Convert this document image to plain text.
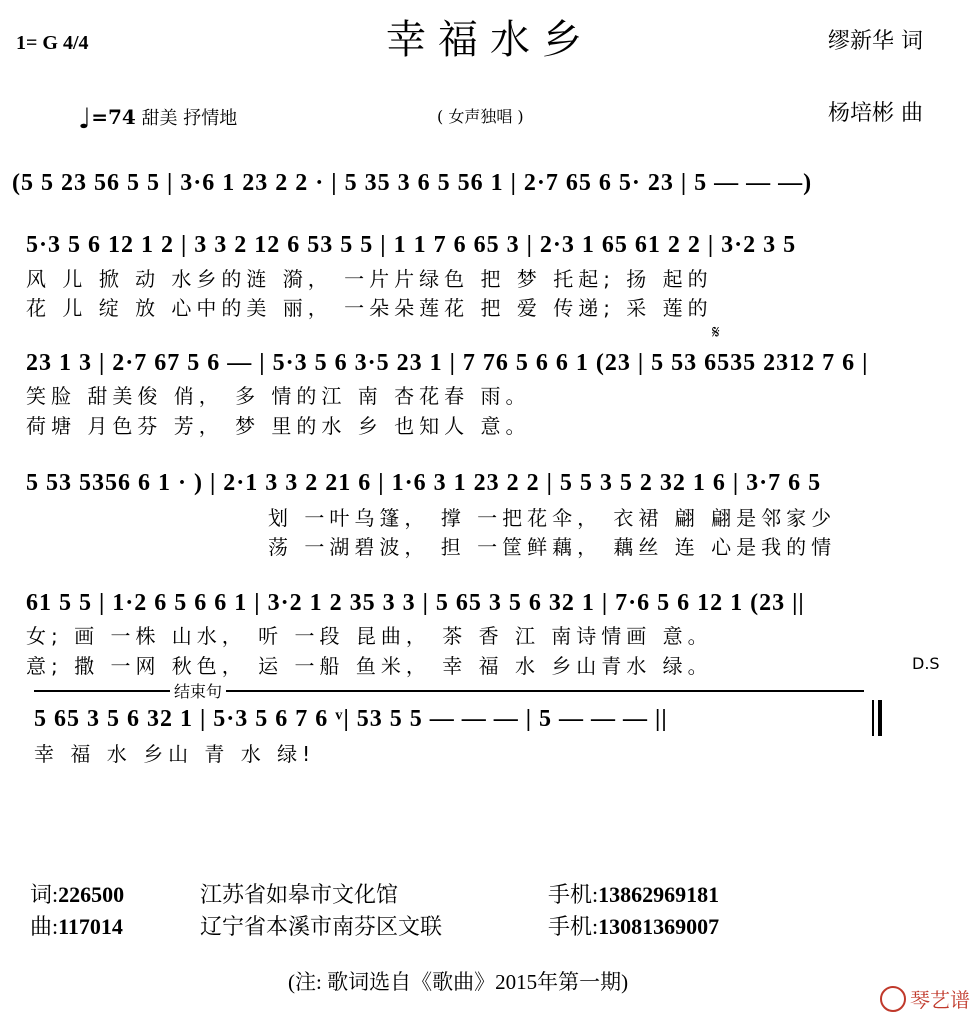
1= G 4/4	幸福水乡	缪新华 词
杨培彬 曲
♩=74 甜美 抒情地	( 女声独唱 )
(5 5 23 56 5 5 | 3·6 1 23 2 2 · | 5 35 3 6 5 56 1 | 2·7 65 6 5· 23 | 5 — — —)
5·3 5 6 12 1 2 | 3 3 2 12 6 53 5 5 | 1 1 7 6 65 3 | 2·3 1 65 61 2 2 | 3·2 3 5
风 儿 掀 动 水乡的涟 漪， 一片片绿色 把 梦 托起; 扬 起的
花 儿 绽 放 心中的美 丽， 一朵朵莲花 把 爱 传递; 采 莲的
𝄋
23 1 3 | 2·7 67 5 6 — | 5·3 5 6 3·5 23 1 | 7 76 5 6 6 1 (23 | 5 53 6535 2312 7 6 |
笑脸 甜美俊 俏， 多 情的江 南 杏花春 雨。
荷塘 月色芬 芳， 梦 里的水 乡 也知人 意。
5 53 5356 6 1 · ) | 2·1 3 3 2 21 6 | 1·6 3 1 23 2 2 | 5 5 3 5 2 32 1 6 | 3·7 6 5
划 一叶乌篷， 撑 一把花伞， 衣裙 翩 翩是邻家少
荡 一湖碧波， 担 一筐鲜藕， 藕丝 连 心是我的情
61 5 5 | 1·2 6 5 6 6 1 | 3·2 1 2 35 3 3 | 5 65 3 5 6 32 1 | 7·6 5 6 12 1 (23 ||
女; 画 一株 山水， 听 一段 昆曲， 茶 香 江 南诗情画 意。
意; 撒 一网 秋色， 运 一船 鱼米， 幸 福 水 乡山青水 绿。	D.S
结束句
5 65 3 5 6 32 1 | 5·3 5 6 7 6 ᵛ| 53 5 5 — — — | 5 — — — ||
幸 福 水 乡山 青 水 绿!
词:226500	江苏省如皋市文化馆	手机:13862969181
曲:117014	辽宁省本溪市南芬区文联	手机:13081369007
(注: 歌词选自《歌曲》2015年第一期)
琴艺谱
